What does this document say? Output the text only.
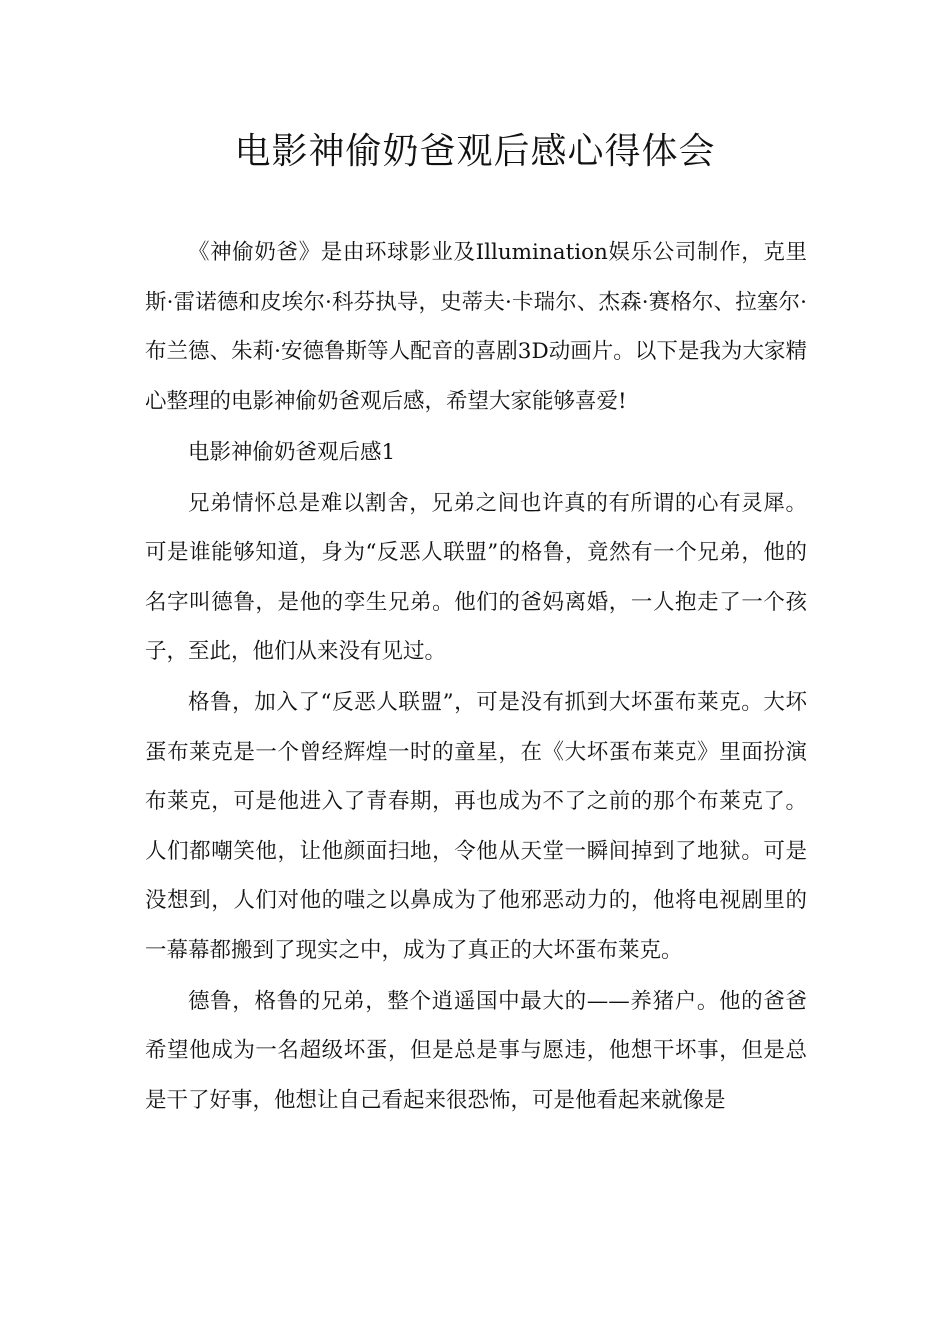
电影神偷奶爸观后感心得体会

《神偷奶爸》是由环球影业及Illumination娱乐公司制作，克里斯·雷诺德和皮埃尔·科芬执导，史蒂夫·卡瑞尔、杰森·赛格尔、拉塞尔·布兰德、朱莉·安德鲁斯等人配音的喜剧3D动画片。以下是我为大家精心整理的电影神偷奶爸观后感，希望大家能够喜爱!

电影神偷奶爸观后感1

兄弟情怀总是难以割舍，兄弟之间也许真的有所谓的心有灵犀。可是谁能够知道，身为“反恶人联盟”的格鲁，竟然有一个兄弟，他的名字叫德鲁，是他的孪生兄弟。他们的爸妈离婚，一人抱走了一个孩子，至此，他们从来没有见过。

格鲁，加入了“反恶人联盟”，可是没有抓到大坏蛋布莱克。大坏蛋布莱克是一个曾经辉煌一时的童星，在《大坏蛋布莱克》里面扮演布莱克，可是他进入了青春期，再也成为不了之前的那个布莱克了。人们都嘲笑他，让他颜面扫地，令他从天堂一瞬间掉到了地狱。可是没想到，人们对他的嗤之以鼻成为了他邪恶动力的，他将电视剧里的一幕幕都搬到了现实之中，成为了真正的大坏蛋布莱克。

德鲁，格鲁的兄弟，整个逍遥国中最大的——养猪户。他的爸爸希望他成为一名超级坏蛋，但是总是事与愿违，他想干坏事，但是总是干了好事，他想让自己看起来很恐怖，可是他看起来就像是
